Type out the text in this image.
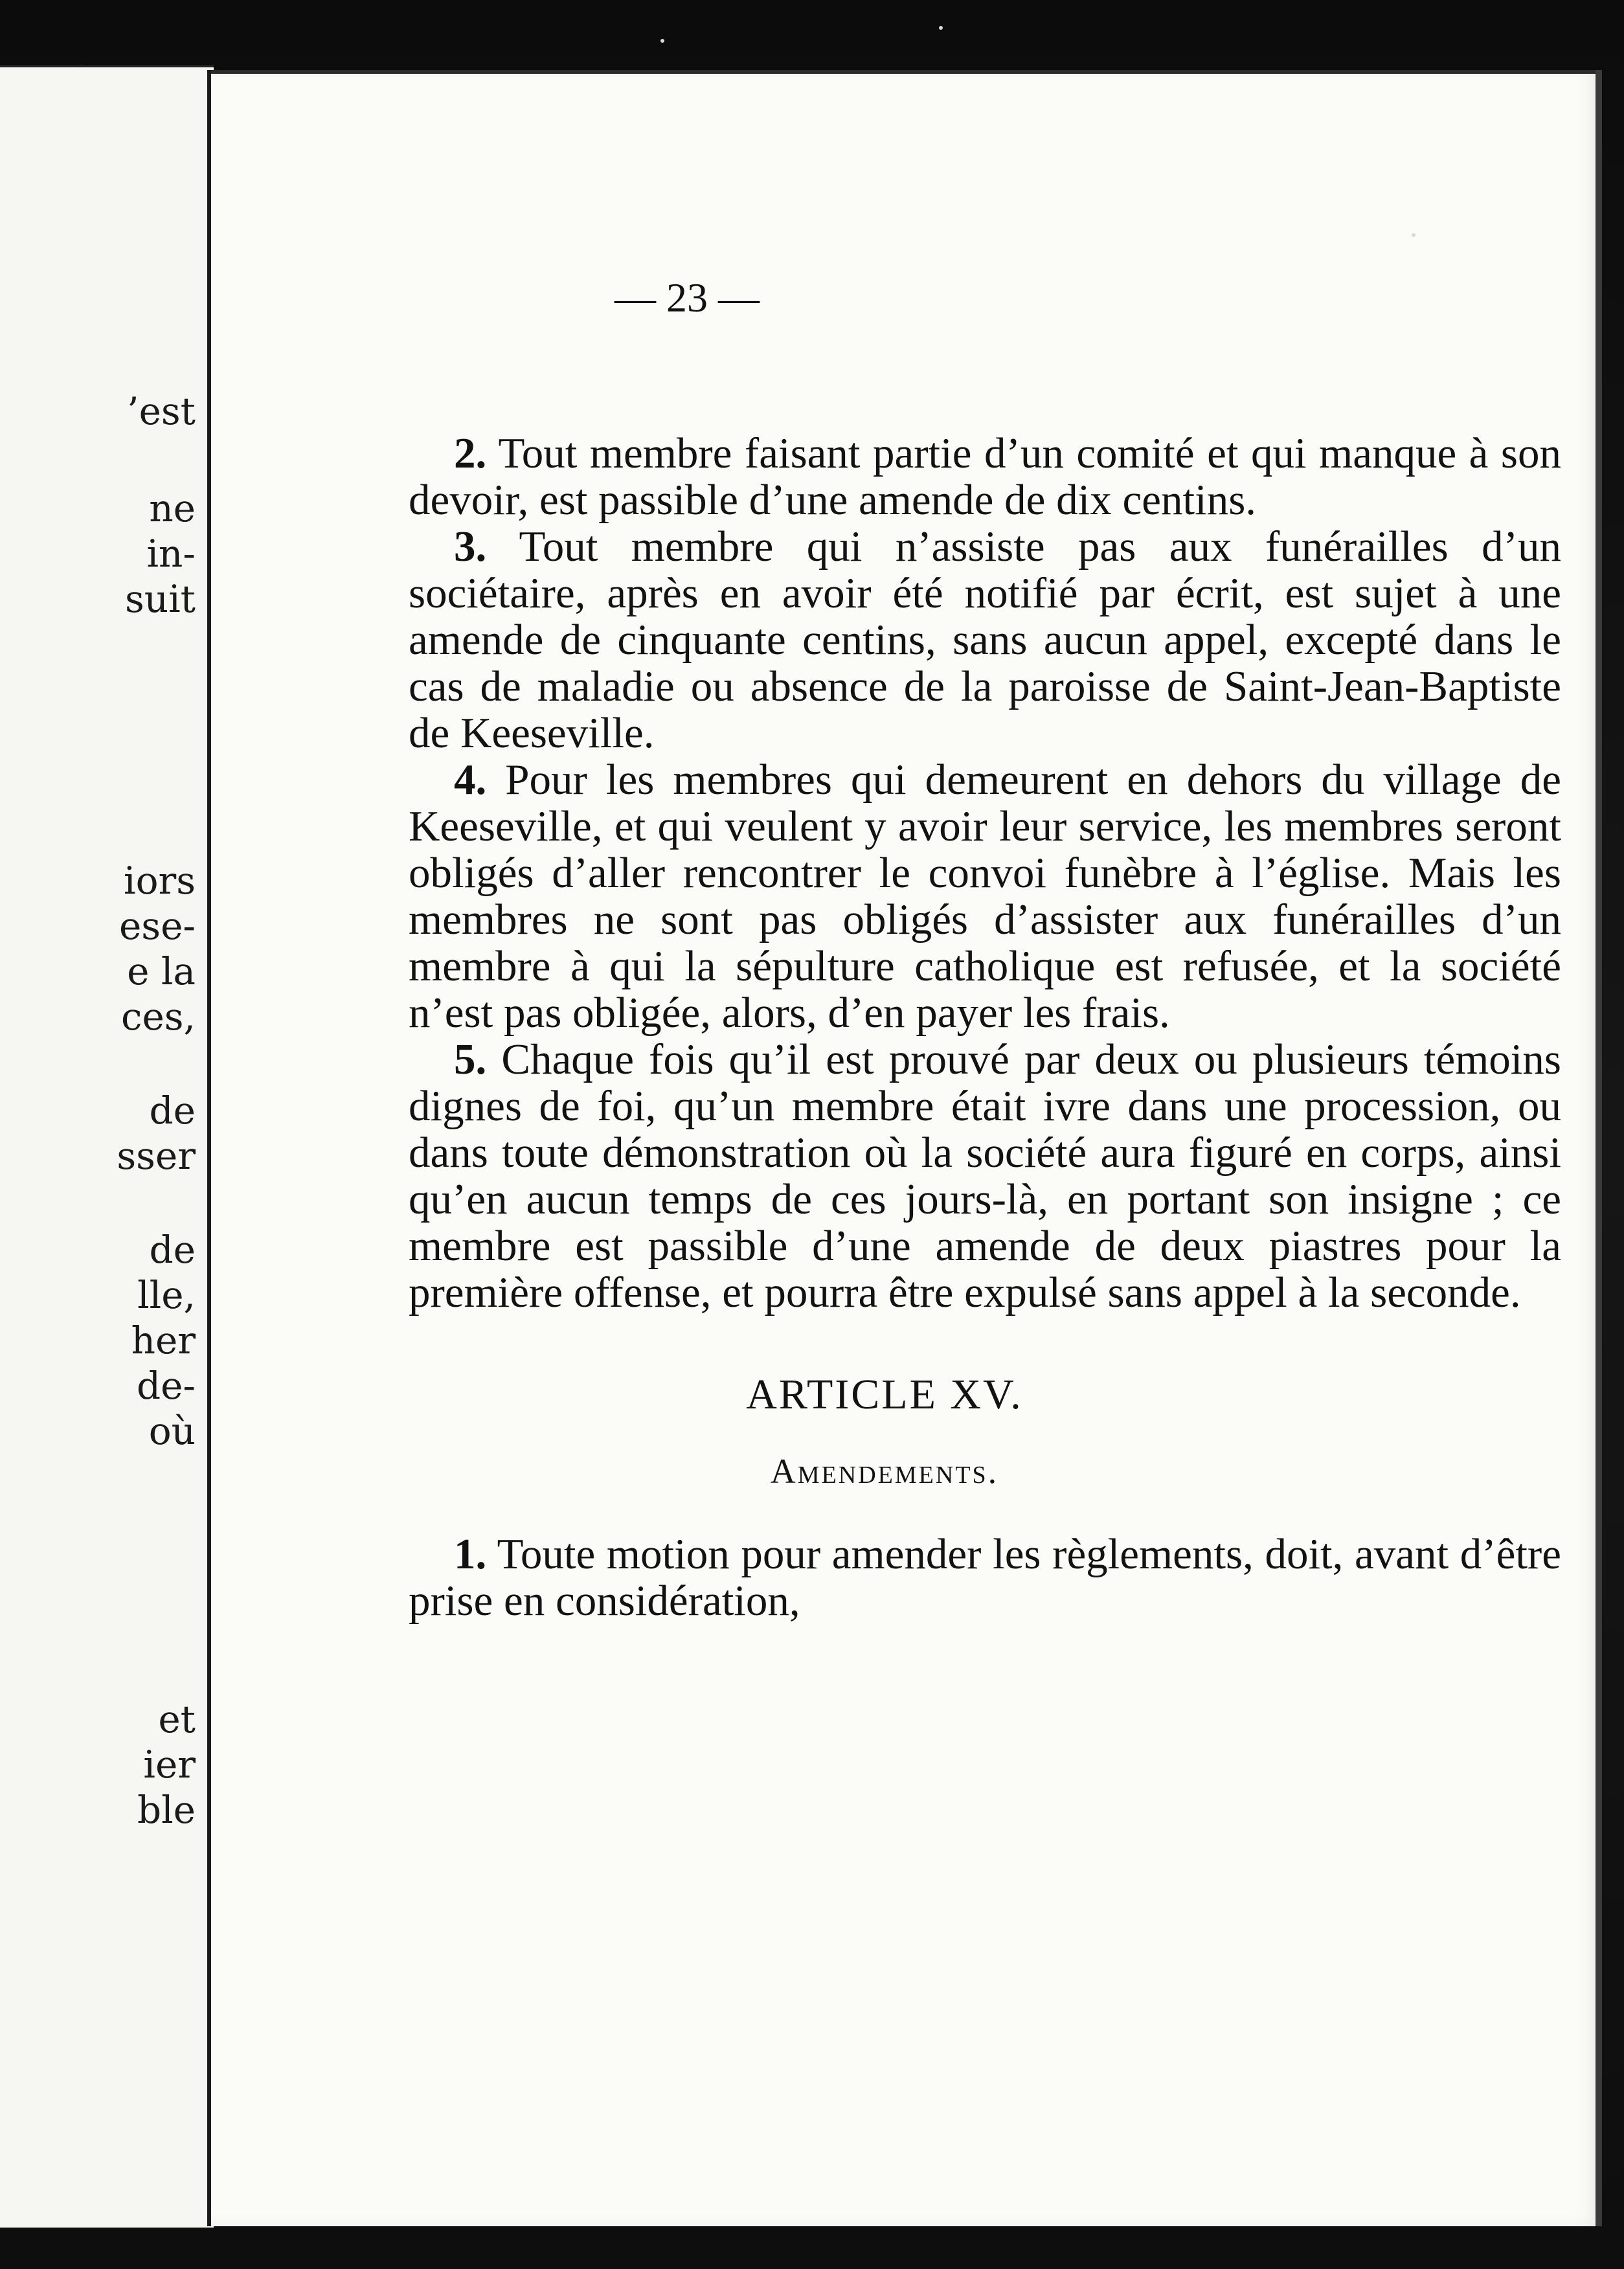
’est
ne
in-
suit
iors
ese-
e la
ces,
de
sser
de
lle,
her
de-
où
et
ier
ble
— 23 —

2. Tout membre faisant partie d’un comité et qui manque à son devoir, est passible d’une amende de dix centins.

3. Tout membre qui n’assiste pas aux funérailles d’un sociétaire, après en avoir été notifié par écrit, est sujet à une amende de cinquante centins, sans aucun appel, excepté dans le cas de maladie ou absence de la paroisse de Saint-Jean-Baptiste de Keeseville.

4. Pour les membres qui demeurent en dehors du village de Keeseville, et qui veulent y avoir leur service, les membres seront obligés d’aller rencontrer le convoi funèbre à l’église. Mais les membres ne sont pas obligés d’assister aux funérailles d’un membre à qui la sépulture catholique est refusée, et la société n’est pas obligée, alors, d’en payer les frais.

5. Chaque fois qu’il est prouvé par deux ou plusieurs témoins dignes de foi, qu’un membre était ivre dans une procession, ou dans toute démonstration où la société aura figuré en corps, ainsi qu’en aucun temps de ces jours-là, en portant son insigne ; ce membre est passible d’une amende de deux piastres pour la première offense, et pourra être expulsé sans appel à la seconde.

ARTICLE XV.
Amendements.

1. Toute motion pour amender les règlements, doit, avant d’être prise en considération,
